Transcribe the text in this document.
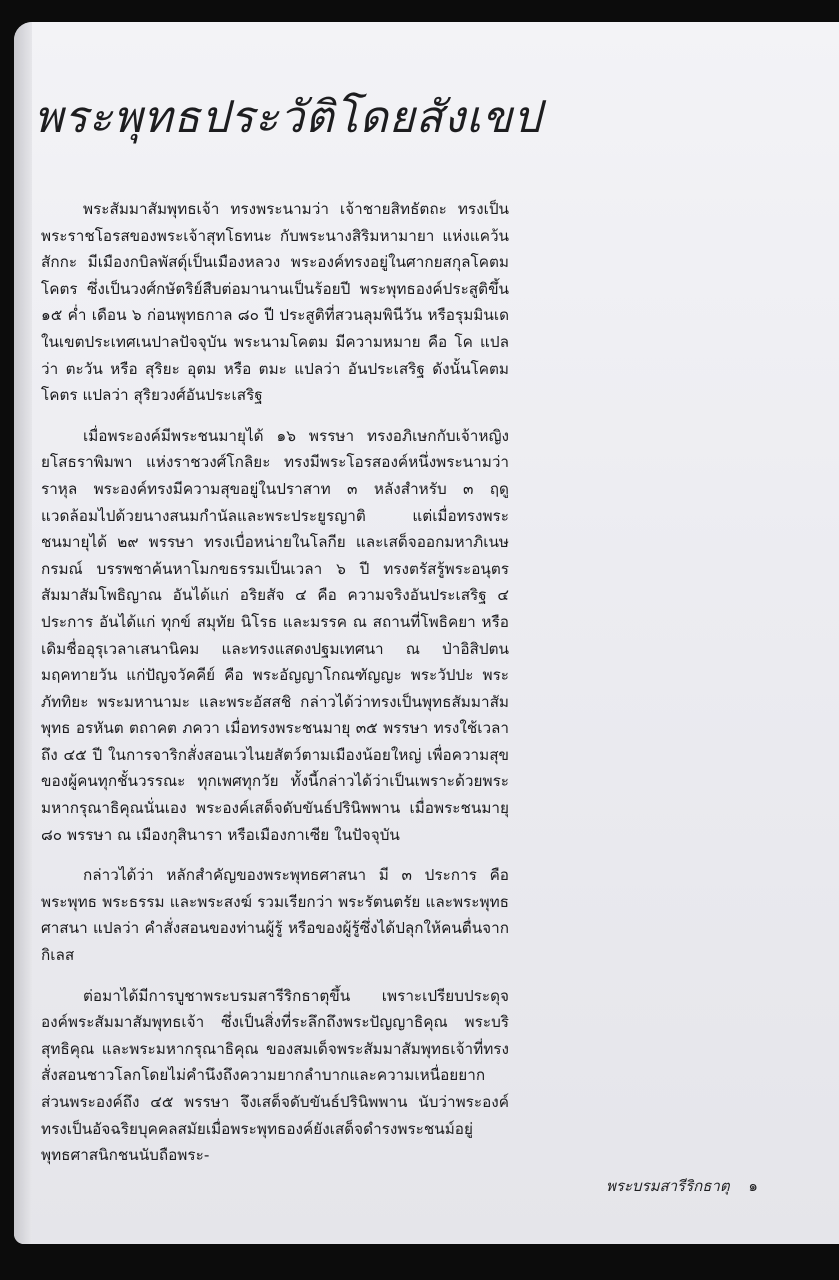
พระพุทธประวัติโดยสังเขป

พระสัมมาสัมพุทธเจ้า ทรงพระนามว่า เจ้าชายสิทธัตถะ ทรงเป็นพระราชโอรสของพระเจ้าสุทโธทนะ กับพระนางสิริมหามายา แห่งแคว้นสักกะ มีเมืองกบิลพัสดุ์เป็นเมืองหลวง พระองค์ทรงอยู่ในศากยสกุลโคตมโคตร ซึ่งเป็นวงศ์กษัตริย์สืบต่อมานานเป็นร้อยปี พระพุทธองค์ประสูติขึ้น ๑๕ ค่ำ เดือน ๖ ก่อนพุทธกาล ๘๐ ปี ประสูติที่สวนลุมพินีวัน หรือรุมมินเด ในเขตประเทศเนปาลปัจจุบัน พระนามโคตม มีความหมาย คือ โค แปลว่า ตะวัน หรือ สุริยะ อุตม หรือ ตมะ แปลว่า อันประเสริฐ ดังนั้นโคตมโคตร แปลว่า สุริยวงศ์อันประเสริฐ

เมื่อพระองค์มีพระชนมายุได้ ๑๖ พรรษา ทรงอภิเษกกับเจ้าหญิงยโสธราพิมพา แห่งราชวงศ์โกลิยะ ทรงมีพระโอรสองค์หนึ่งพระนามว่า ราหุล พระองค์ทรงมีความสุขอยู่ในปราสาท ๓ หลังสำหรับ ๓ ฤดู แวดล้อมไปด้วยนางสนมกำนัลและพระประยูรญาติ แต่เมื่อทรงพระชนมายุได้ ๒๙ พรรษา ทรงเบื่อหน่ายในโลกีย และเสด็จออกมหาภิเนษกรมณ์ บรรพชาค้นหาโมกขธรรมเป็นเวลา ๖ ปี ทรงตรัสรู้พระอนุตรสัมมาสัมโพธิญาณ อันได้แก่ อริยสัจ ๔ คือ ความจริงอันประเสริฐ ๔ ประการ อันได้แก่ ทุกข์ สมุทัย นิโรธ และมรรค ณ สถานที่โพธิคยา หรือเดิมชื่ออุรุเวลาเสนานิคม และทรงแสดงปฐมเทศนา ณ ป่าอิสิปตนมฤคทายวัน แก่ปัญจวัคคีย์ คือ พระอัญญาโกณฑัญญะ พระวัปปะ พระภัททิยะ พระมหานามะ และพระอัสสชิ กล่าวได้ว่าทรงเป็นพุทธสัมมาสัมพุทธ อรหันต ตถาคต ภควา เมื่อทรงพระชนมายุ ๓๕ พรรษา ทรงใช้เวลาถึง ๔๕ ปี ในการจาริกสั่งสอนเวไนยสัตว์ตามเมืองน้อยใหญ่ เพื่อความสุขของผู้คนทุกชั้นวรรณะ ทุกเพศทุกวัย ทั้งนี้กล่าวได้ว่าเป็นเพราะด้วยพระมหากรุณาธิคุณนั่นเอง พระองค์เสด็จดับขันธ์ปรินิพพาน เมื่อพระชนมายุ ๘๐ พรรษา ณ เมืองกุสินารา หรือเมืองกาเซีย ในปัจจุบัน

กล่าวได้ว่า หลักสำคัญของพระพุทธศาสนา มี ๓ ประการ คือ พระพุทธ พระธรรม และพระสงฆ์ รวมเรียกว่า พระรัตนตรัย และพระพุทธศาสนา แปลว่า คำสั่งสอนของท่านผู้รู้ หรือของผู้รู้ซึ่งได้ปลุกให้คนตื่นจากกิเลส

ต่อมาได้มีการบูชาพระบรมสารีริกธาตุขึ้น เพราะเปรียบประดุจองค์พระสัมมาสัมพุทธเจ้า ซึ่งเป็นสิ่งที่ระลึกถึงพระปัญญาธิคุณ พระบริสุทธิคุณ และพระมหากรุณาธิคุณ ของสมเด็จพระสัมมาสัมพุทธเจ้าที่ทรงสั่งสอนชาวโลกโดยไม่คำนึงถึงความยากลำบากและความเหนื่อยยากส่วนพระองค์ถึง ๔๕ พรรษา จึงเสด็จดับขันธ์ปรินิพพาน นับว่าพระองค์ทรงเป็นอัจฉริยบุคคลสมัยเมื่อพระพุทธองค์ยังเสด็จดำรงพระชนม์อยู่ พุทธศาสนิกชนนับถือพระ-

พระบรมสารีริกธาตุ ๑
